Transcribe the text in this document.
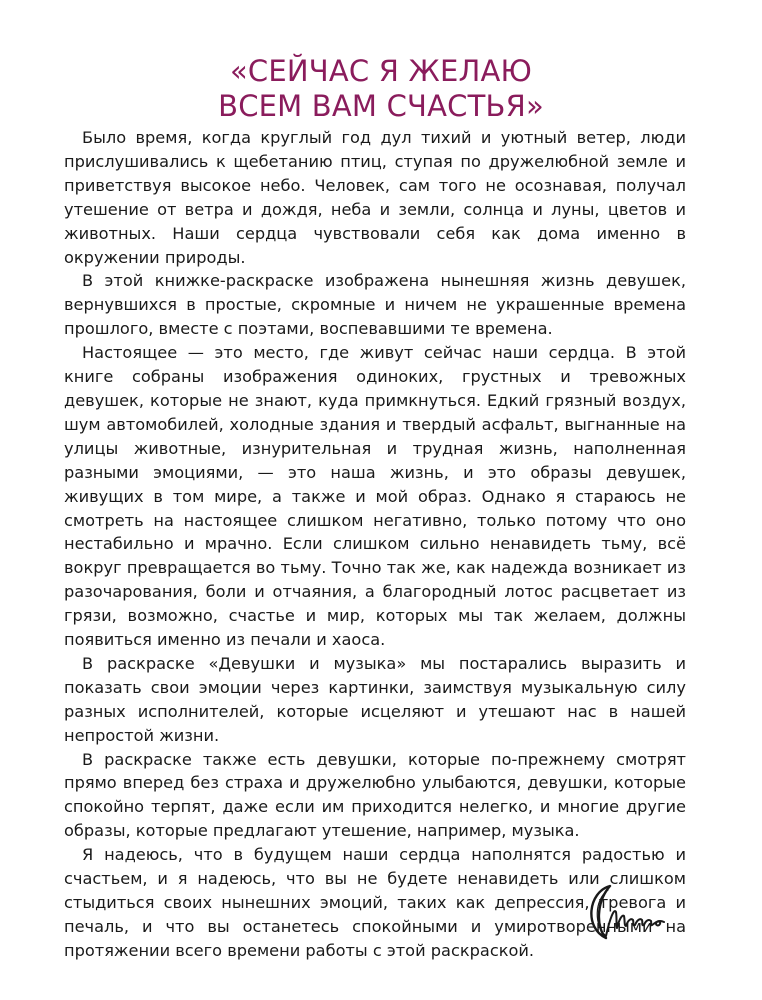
«СЕЙЧАС Я ЖЕЛАЮ
ВСЕМ ВАМ СЧАСТЬЯ»

Было время, когда круглый год дул тихий и уютный ветер, люди прислушивались к щебетанию птиц, ступая по дружелюбной земле и приветствуя высокое небо. Человек, сам того не осознавая, получал утешение от ветра и дождя, неба и земли, солнца и луны, цветов и животных. Наши сердца чувствовали себя как дома именно в окружении природы.

В этой книжке-раскраске изображена нынешняя жизнь девушек, вернувшихся в простые, скромные и ничем не украшенные времена прошлого, вместе с поэтами, воспевавшими те времена.

Настоящее — это место, где живут сейчас наши сердца. В этой книге собраны изображения одиноких, грустных и тревожных девушек, которые не знают, куда примкнуться. Едкий грязный воздух, шум автомобилей, холодные здания и твердый асфальт, выгнанные на улицы животные, изнурительная и трудная жизнь, наполненная разными эмоциями, — это наша жизнь, и это образы девушек, живущих в том мире, а также и мой образ. Однако я стараюсь не смотреть на настоящее слишком негативно, только потому что оно нестабильно и мрачно. Если слишком сильно ненавидеть тьму, всё вокруг превращается во тьму. Точно так же, как надежда возникает из разочарования, боли и отчаяния, а благородный лотос расцветает из грязи, возможно, счастье и мир, которых мы так желаем, должны появиться именно из печали и хаоса.

В раскраске «Девушки и музыка» мы постарались выразить и показать свои эмоции через картинки, заимствуя музыкальную силу разных исполнителей, которые исцеляют и утешают нас в нашей непростой жизни.

В раскраске также есть девушки, которые по-прежнему смотрят прямо вперед без страха и дружелюбно улыбаются, девушки, которые спокойно терпят, даже если им приходится нелегко, и многие другие образы, которые предлагают утешение, например, музыка.

Я надеюсь, что в будущем наши сердца наполнятся радостью и счастьем, и я надеюсь, что вы не будете ненавидеть или слишком стыдиться своих нынешних эмоций, таких как депрессия, тревога и печаль, и что вы останетесь спокойными и умиротворенными на протяжении всего времени работы с этой раскраской.
